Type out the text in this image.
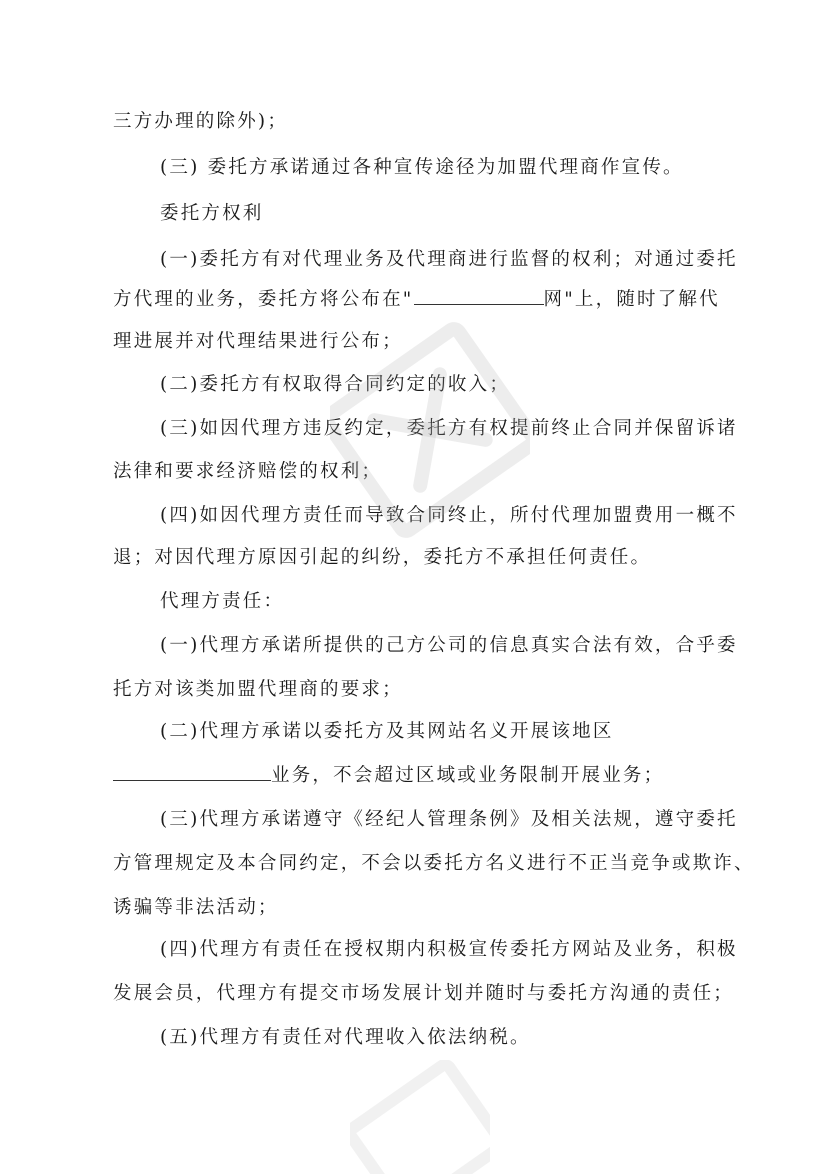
三方办理的除外)；
(三) 委托方承诺通过各种宣传途径为加盟代理商作宣传。
委托方权利
(一)委托方有对代理业务及代理商进行监督的权利；对通过委托
方代理的业务，委托方将公布在"	网"上，随时了解代
理进展并对代理结果进行公布；
(二)委托方有权取得合同约定的收入；
(三)如因代理方违反约定，委托方有权提前终止合同并保留诉诸
法律和要求经济赔偿的权利；
(四)如因代理方责任而导致合同终止，所付代理加盟费用一概不
退；对因代理方原因引起的纠纷，委托方不承担任何责任。
代理方责任：
(一)代理方承诺所提供的己方公司的信息真实合法有效，合乎委
托方对该类加盟代理商的要求；
(二)代理方承诺以委托方及其网站名义开展该地区
业务，不会超过区域或业务限制开展业务；
(三)代理方承诺遵守《经纪人管理条例》及相关法规，遵守委托
方管理规定及本合同约定，不会以委托方名义进行不正当竞争或欺诈、
诱骗等非法活动；
(四)代理方有责任在授权期内积极宣传委托方网站及业务，积极
发展会员，代理方有提交市场发展计划并随时与委托方沟通的责任；
(五)代理方有责任对代理收入依法纳税。
